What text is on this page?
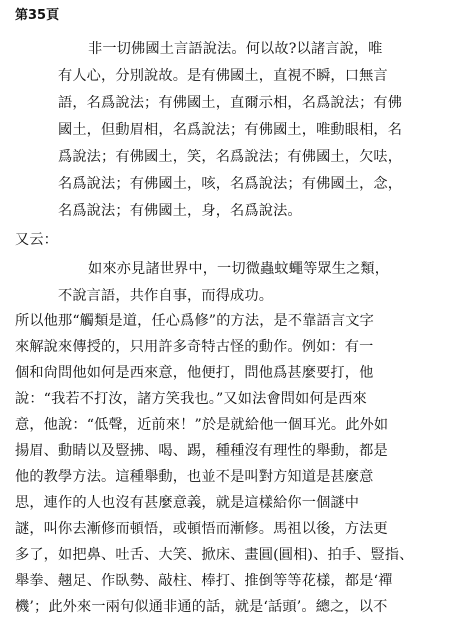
第35頁
非一切佛國土言語說法。何以故?以諸言說，唯
有人心，分別說故。是有佛國土，直視不瞬，口無言
語，名爲說法；有佛國土，直爾示相，名爲說法；有佛
國土，但動眉相，名爲說法；有佛國土，唯動眼相，名
爲說法；有佛國土，笑，名爲說法；有佛國土，欠呿，
名爲說法；有佛國土，咳，名爲說法；有佛國土，念，
名爲說法；有佛國土，身，名爲說法。
又云：
如來亦見諸世界中，一切微蟲蚊蠅等眾生之類，
不說言語，共作自事，而得成功。
所以他那“觸類是道，任心爲修”的方法，是不靠語言文字
來解說來傳授的，只用許多奇特古怪的動作。例如：有一
個和尙問他如何是西來意，他便打，問他爲甚麼要打，他
說：“我若不打汝，諸方笑我也。”又如法會問如何是西來
意，他說：“低聲，近前來！”於是就給他一個耳光。此外如
揚眉、動睛以及豎拂、喝、踢，種種沒有理性的舉動，都是
他的教學方法。這種舉動，也並不是叫對方知道是甚麼意
思，連作的人也沒有甚麼意義，就是這樣給你一個謎中
謎，叫你去漸修而頓悟，或頓悟而漸修。馬祖以後，方法更
多了，如把鼻、吐舌、大笑、掀床、畫圓(圓相)、拍手、豎指、
舉拳、翹足、作臥勢、敲柱、棒打、推倒等等花樣，都是‘禪
機’；此外來一兩句似通非通的話，就是‘話頭’。總之，以不
